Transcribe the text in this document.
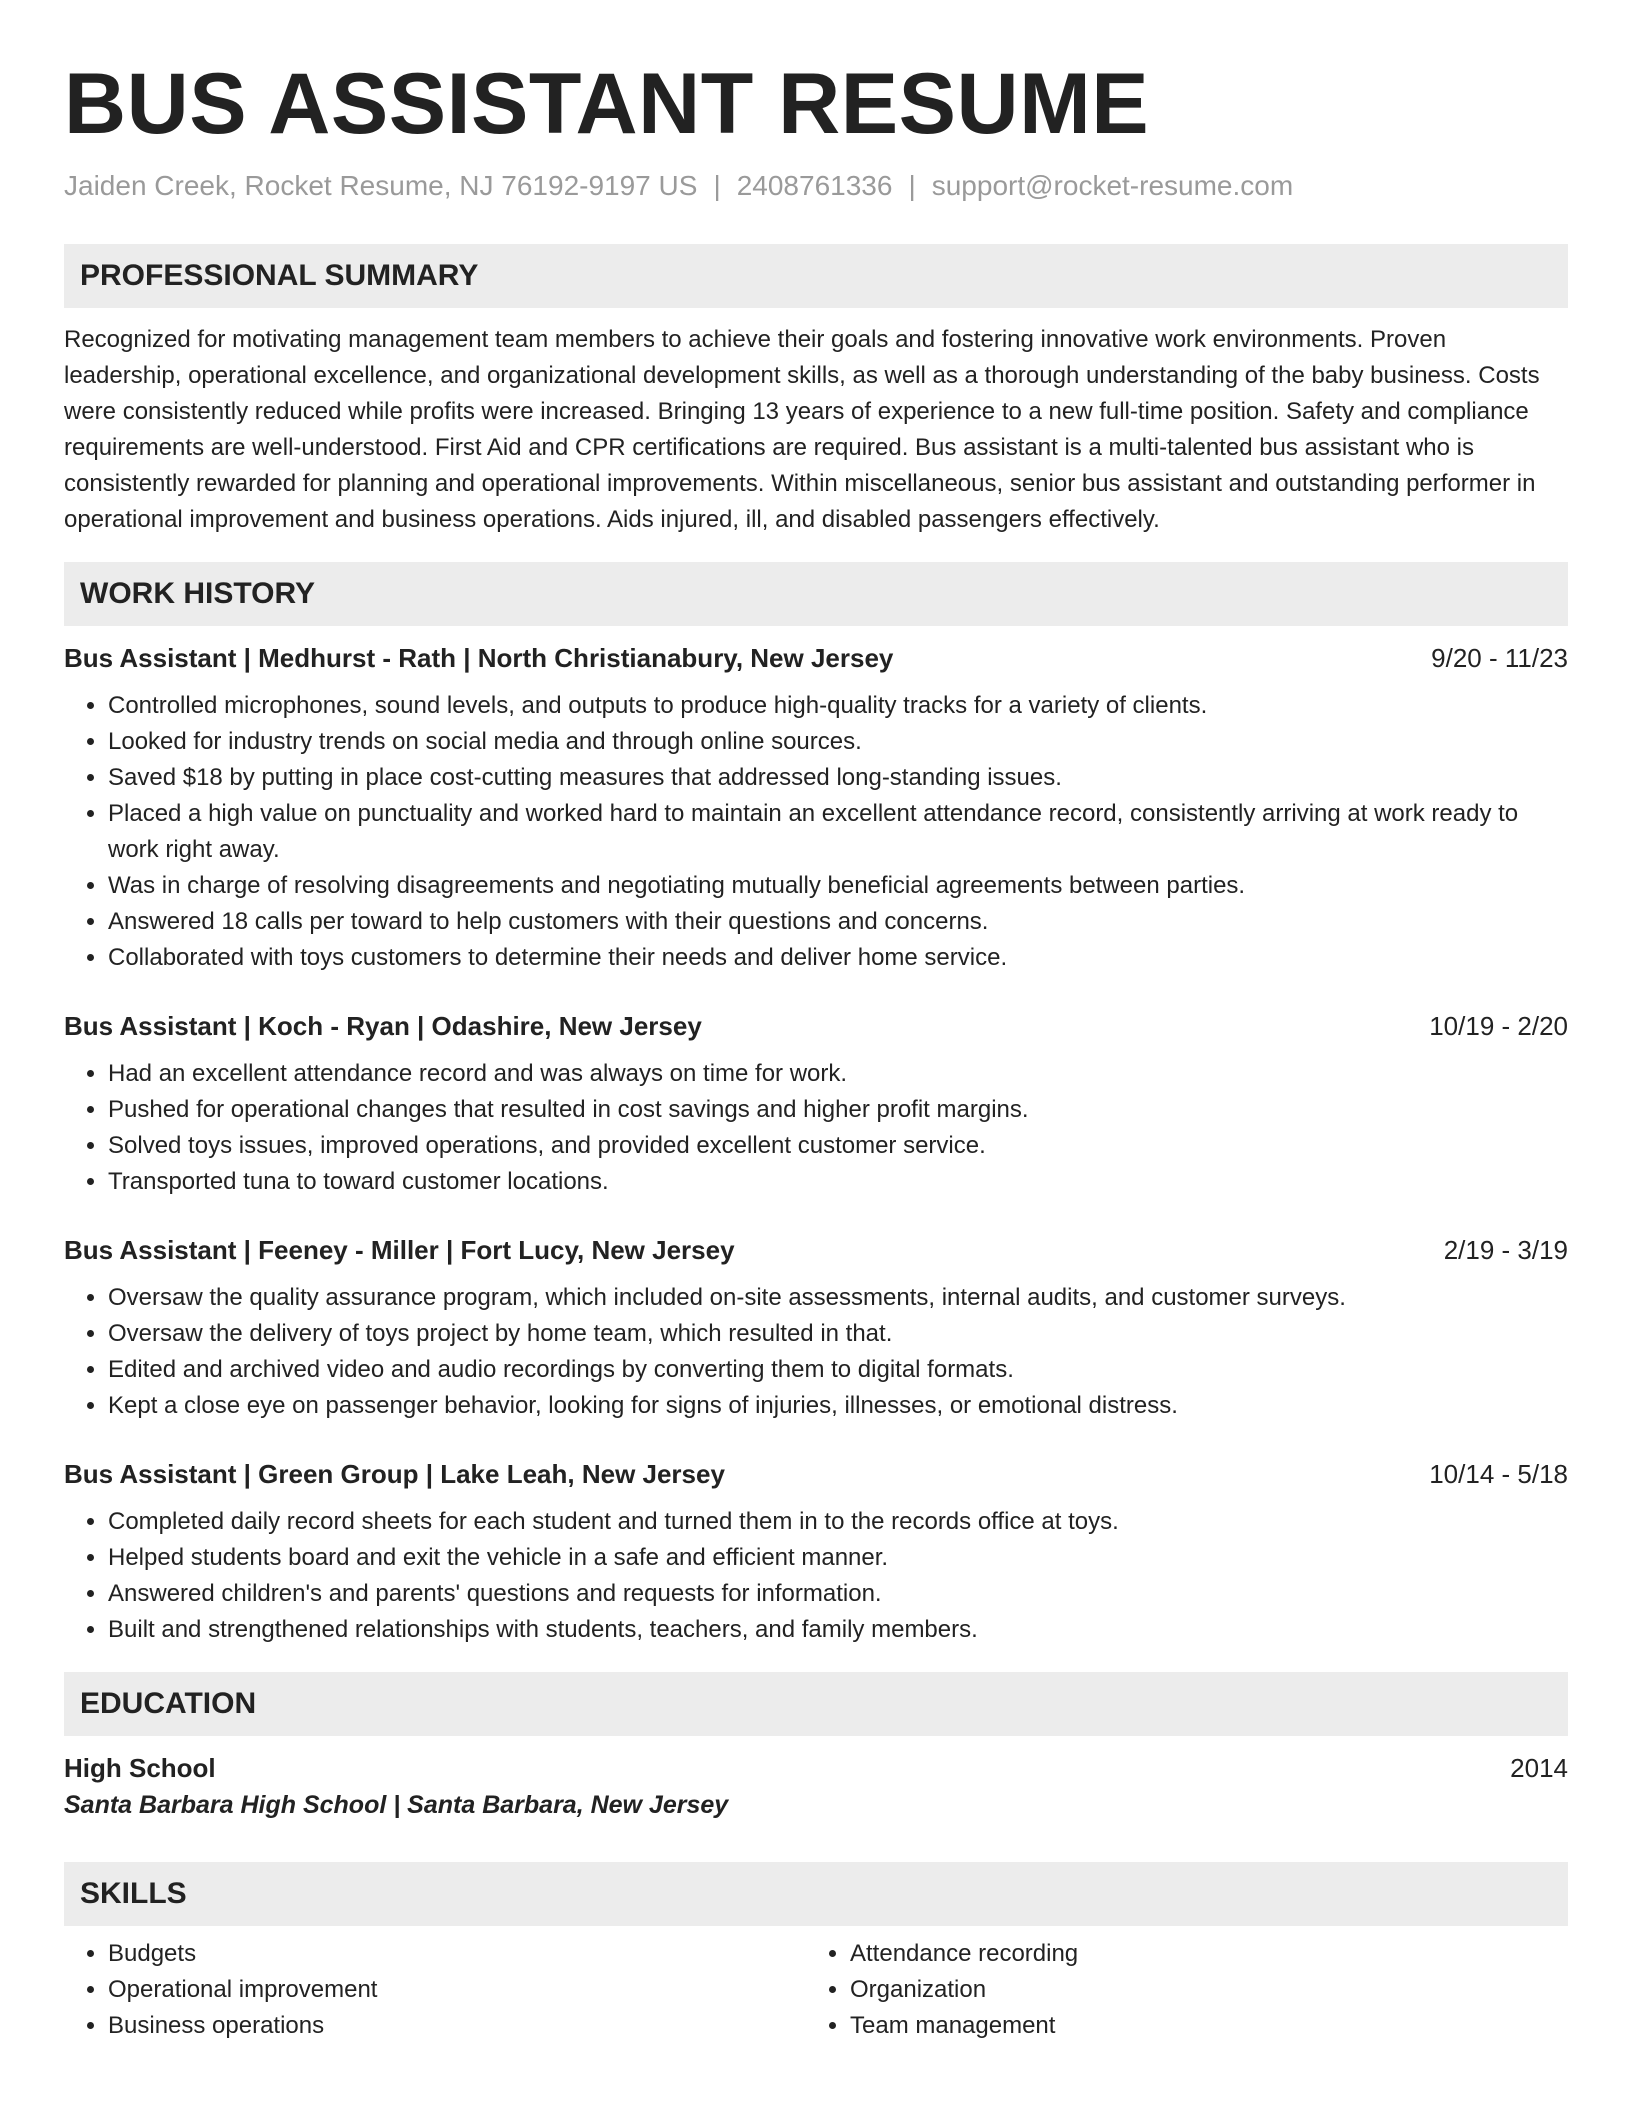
BUS ASSISTANT RESUME
Jaiden Creek, Rocket Resume, NJ 76192-9197 US | 2408761336 | support@rocket-resume.com
PROFESSIONAL SUMMARY
Recognized for motivating management team members to achieve their goals and fostering innovative work environments. Proven leadership, operational excellence, and organizational development skills, as well as a thorough understanding of the baby business. Costs were consistently reduced while profits were increased. Bringing 13 years of experience to a new full-time position. Safety and compliance requirements are well-understood. First Aid and CPR certifications are required. Bus assistant is a multi-talented bus assistant who is consistently rewarded for planning and operational improvements. Within miscellaneous, senior bus assistant and outstanding performer in operational improvement and business operations. Aids injured, ill, and disabled passengers effectively.
WORK HISTORY
Bus Assistant | Medhurst - Rath | North Christianabury, New Jersey	9/20 - 11/23
• Controlled microphones, sound levels, and outputs to produce high-quality tracks for a variety of clients.
• Looked for industry trends on social media and through online sources.
• Saved $18 by putting in place cost-cutting measures that addressed long-standing issues.
• Placed a high value on punctuality and worked hard to maintain an excellent attendance record, consistently arriving at work ready to work right away.
• Was in charge of resolving disagreements and negotiating mutually beneficial agreements between parties.
• Answered 18 calls per toward to help customers with their questions and concerns.
• Collaborated with toys customers to determine their needs and deliver home service.
Bus Assistant | Koch - Ryan | Odashire, New Jersey	10/19 - 2/20
• Had an excellent attendance record and was always on time for work.
• Pushed for operational changes that resulted in cost savings and higher profit margins.
• Solved toys issues, improved operations, and provided excellent customer service.
• Transported tuna to toward customer locations.
Bus Assistant | Feeney - Miller | Fort Lucy, New Jersey	2/19 - 3/19
• Oversaw the quality assurance program, which included on-site assessments, internal audits, and customer surveys.
• Oversaw the delivery of toys project by home team, which resulted in that.
• Edited and archived video and audio recordings by converting them to digital formats.
• Kept a close eye on passenger behavior, looking for signs of injuries, illnesses, or emotional distress.
Bus Assistant | Green Group | Lake Leah, New Jersey	10/14 - 5/18
• Completed daily record sheets for each student and turned them in to the records office at toys.
• Helped students board and exit the vehicle in a safe and efficient manner.
• Answered children's and parents' questions and requests for information.
• Built and strengthened relationships with students, teachers, and family members.
EDUCATION
High School	2014
Santa Barbara High School | Santa Barbara, New Jersey
SKILLS
• Budgets
• Operational improvement
• Business operations
• Attendance recording
• Organization
• Team management
